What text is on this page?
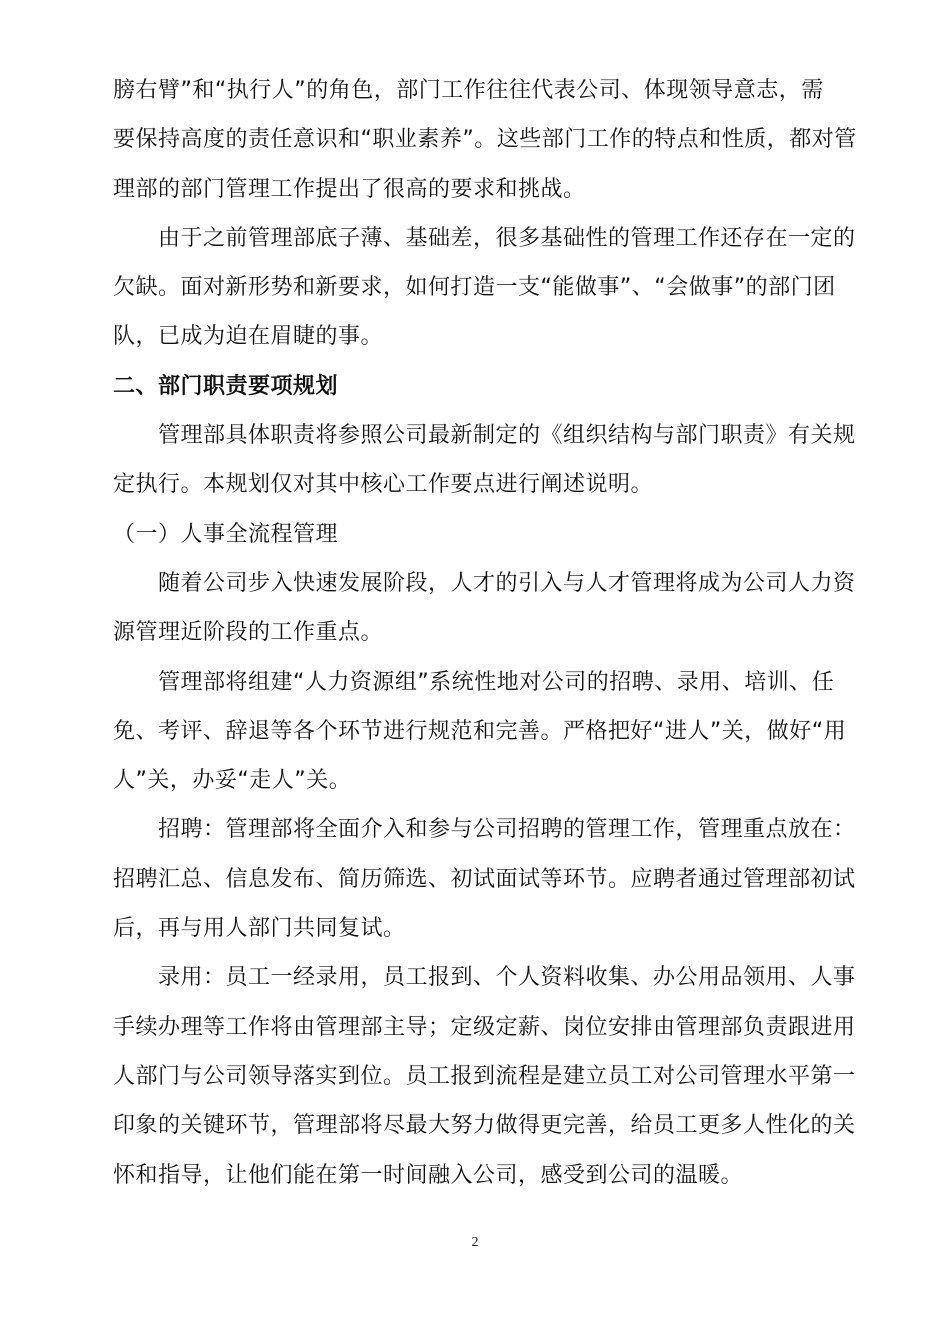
膀右臂”和“执行人”的角色，部门工作往往代表公司、体现领导意志，需
要保持高度的责任意识和“职业素养”。这些部门工作的特点和性质，都对管
理部的部门管理工作提出了很高的要求和挑战。
由于之前管理部底子薄、基础差，很多基础性的管理工作还存在一定的
欠缺。面对新形势和新要求，如何打造一支“能做事”、“会做事”的部门团
队，已成为迫在眉睫的事。
二、部门职责要项规划
管理部具体职责将参照公司最新制定的《组织结构与部门职责》有关规
定执行。本规划仅对其中核心工作要点进行阐述说明。
（一）人事全流程管理
随着公司步入快速发展阶段，人才的引入与人才管理将成为公司人力资
源管理近阶段的工作重点。
管理部将组建“人力资源组”系统性地对公司的招聘、录用、培训、任
免、考评、辞退等各个环节进行规范和完善。严格把好“进人”关，做好“用
人”关，办妥“走人”关。
招聘：管理部将全面介入和参与公司招聘的管理工作，管理重点放在：
招聘汇总、信息发布、简历筛选、初试面试等环节。应聘者通过管理部初试
后，再与用人部门共同复试。
录用：员工一经录用，员工报到、个人资料收集、办公用品领用、人事
手续办理等工作将由管理部主导；定级定薪、岗位安排由管理部负责跟进用
人部门与公司领导落实到位。员工报到流程是建立员工对公司管理水平第一
印象的关键环节，管理部将尽最大努力做得更完善，给员工更多人性化的关
怀和指导，让他们能在第一时间融入公司，感受到公司的温暖。
2
